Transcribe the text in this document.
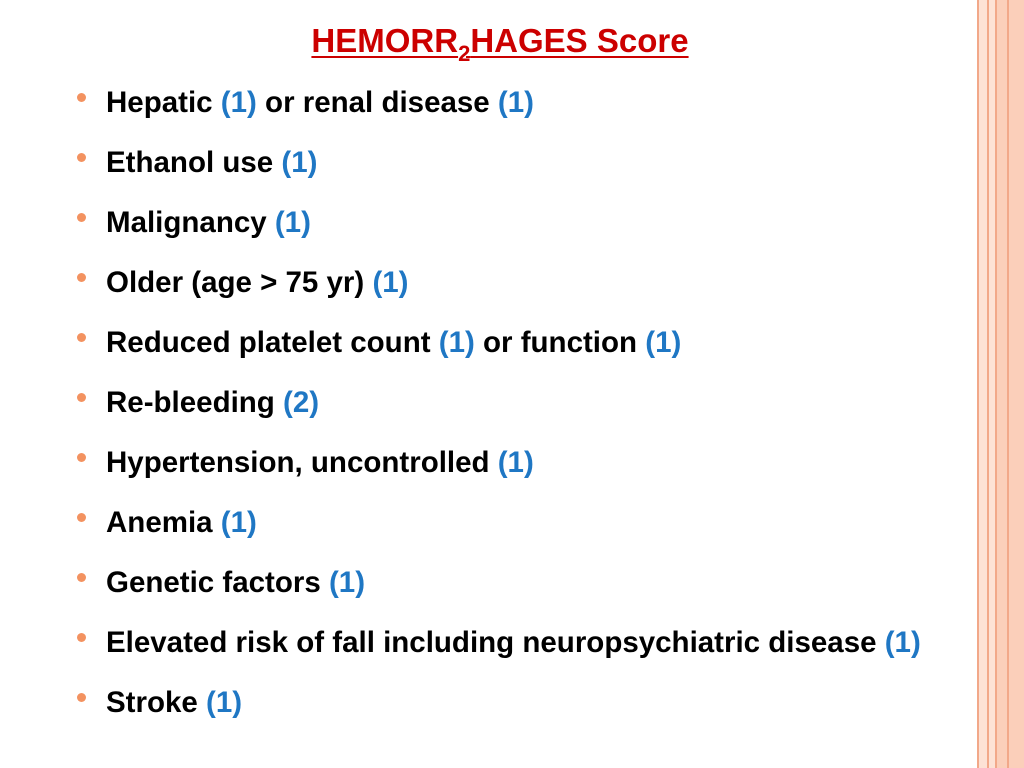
$HEMORR_2HAGES$ Score
Hepatic (1) or renal disease (1)
Ethanol use (1)
Malignancy (1)
Older (age > 75 yr) (1)
Reduced platelet count (1) or function (1)
Re-bleeding (2)
Hypertension, uncontrolled (1)
Anemia (1)
Genetic factors (1)
Elevated risk of fall including neuropsychiatric disease (1)
Stroke (1)
